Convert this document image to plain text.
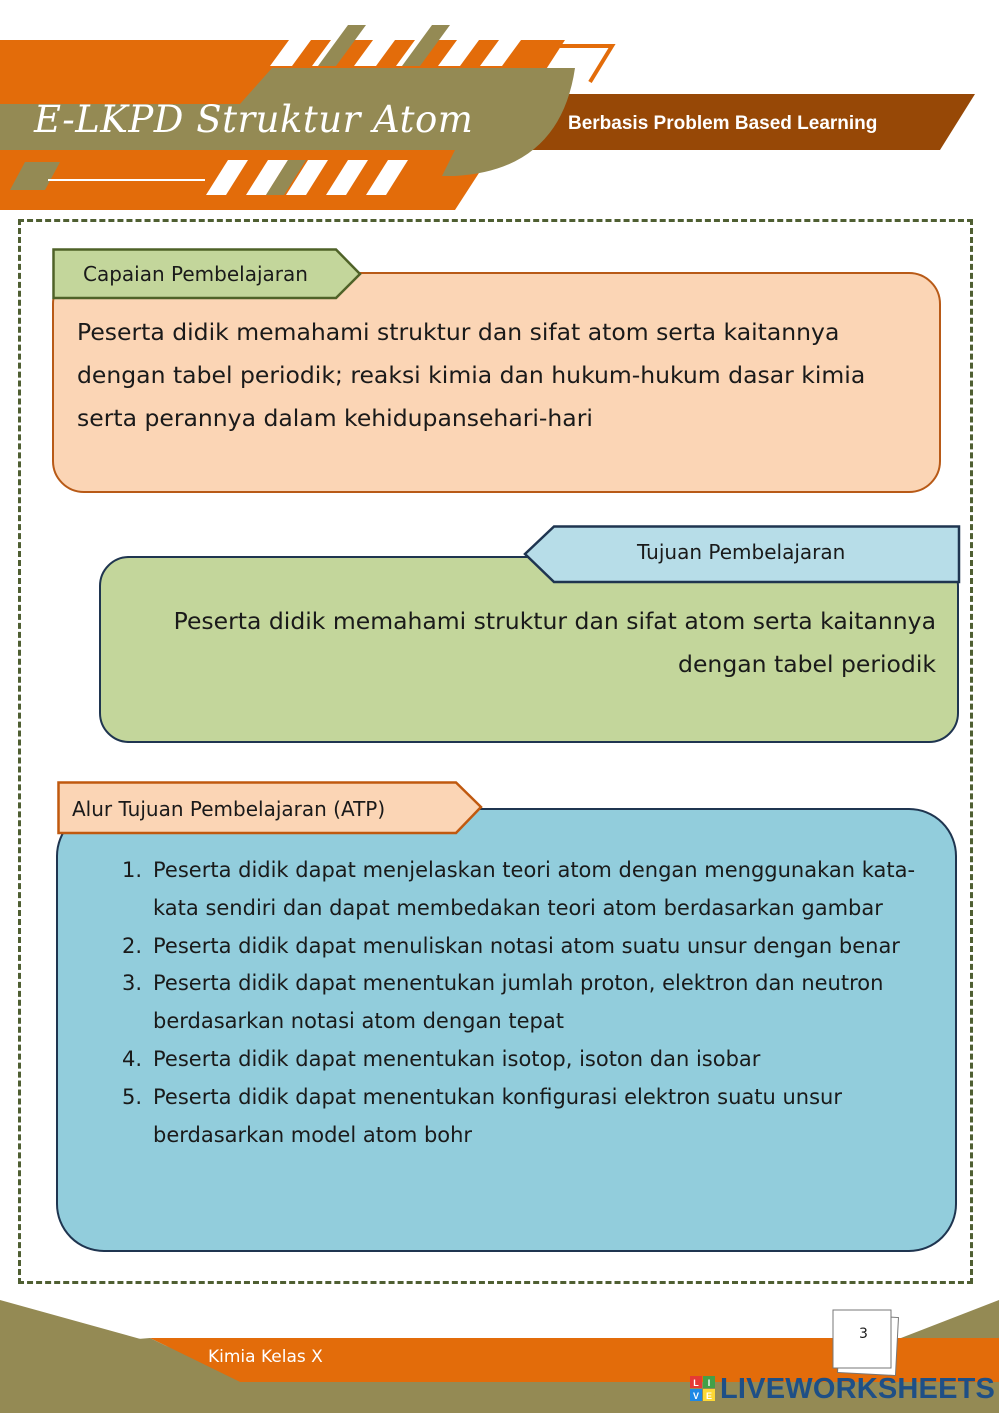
E-LKPD Struktur Atom	Berbasis Problem Based Learning
Capaian Pembelajaran
Peserta didik memahami struktur dan sifat atom serta kaitannya
dengan tabel periodik; reaksi kimia dan hukum-hukum dasar kimia
serta perannya dalam kehidupansehari-hari
Tujuan Pembelajaran
Peserta didik memahami struktur dan sifat atom serta kaitannya
dengan tabel periodik
Alur Tujuan Pembelajaran (ATP)
1. Peserta didik dapat menjelaskan teori atom dengan menggunakan kata-kata sendiri dan dapat membedakan teori atom berdasarkan gambar
2. Peserta didik dapat menuliskan notasi atom suatu unsur dengan benar
3. Peserta didik dapat menentukan jumlah proton, elektron dan neutron berdasarkan notasi atom dengan tepat
4. Peserta didik dapat menentukan isotop, isoton dan isobar
5. Peserta didik dapat menentukan konfigurasi elektron suatu unsur berdasarkan model atom bohr
Kimia Kelas X
3
L I
V E LIVEWORKSHEETS
